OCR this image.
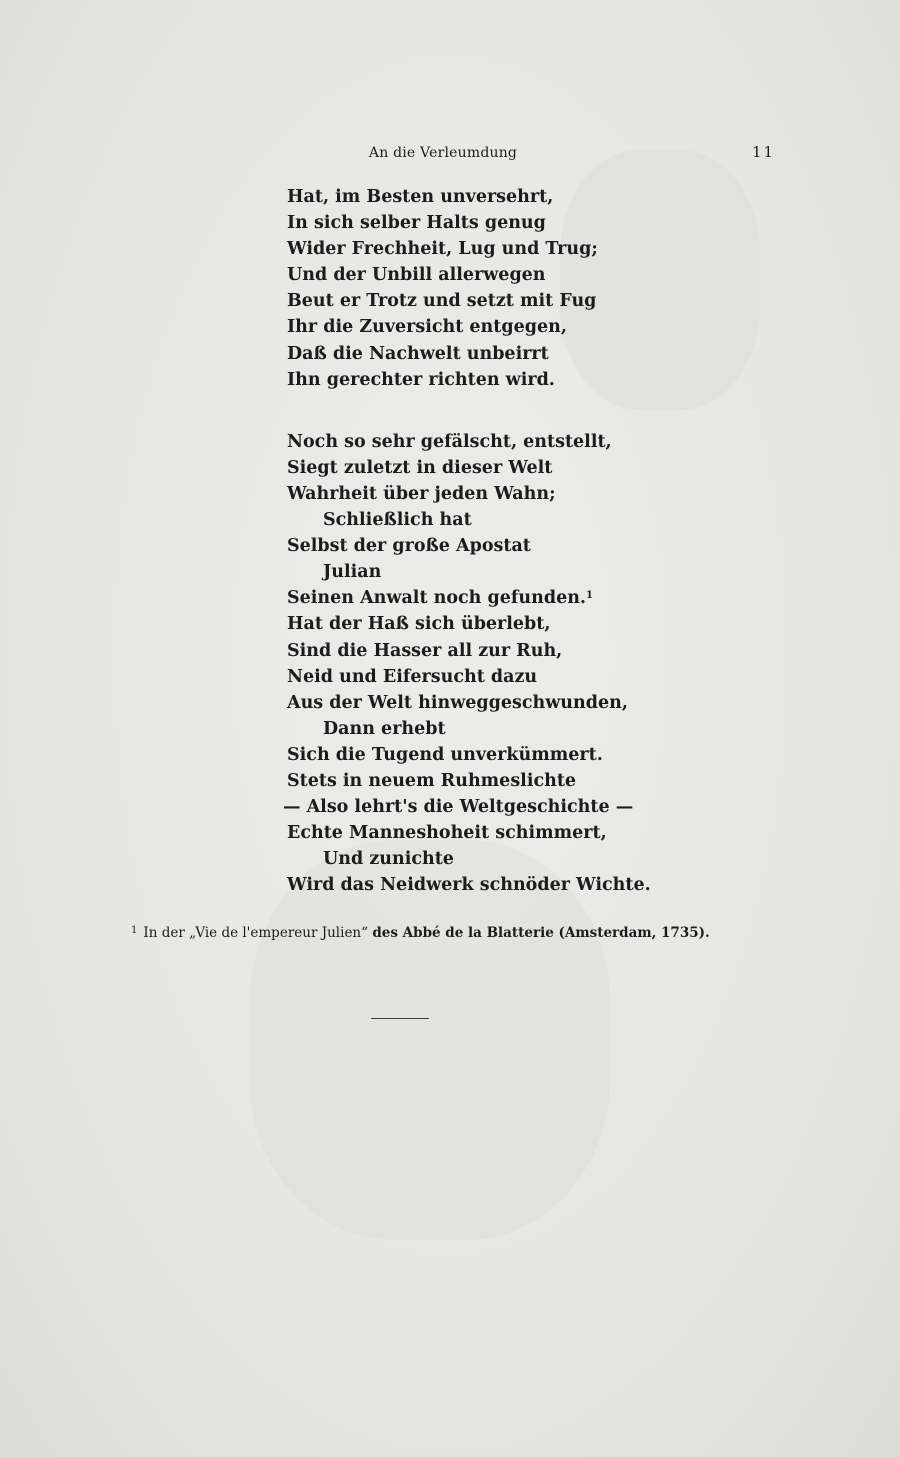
An die Verleumdung	11
Hat, im Besten unversehrt,
In sich selber Halts genug
Wider Frechheit, Lug und Trug;
Und der Unbill allerwegen
Beut er Trotz und setzt mit Fug
Ihr die Zuversicht entgegen,
Daß die Nachwelt unbeirrt
Ihn gerechter richten wird.
Noch so sehr gefälscht, entstellt,
Siegt zuletzt in dieser Welt
Wahrheit über jeden Wahn;
Schließlich hat
Selbst der große Apostat
Julian
Seinen Anwalt noch gefunden.$^1$
Hat der Haß sich überlebt,
Sind die Hasser all zur Ruh,
Neid und Eifersucht dazu
Aus der Welt hinweggeschwunden,
Dann erhebt
Sich die Tugend unverkümmert.
Stets in neuem Ruhmeslichte
— Also lehrt's die Weltgeschichte —
Echte Manneshoheit schimmert,
Und zunichte
Wird das Neidwerk schnöder Wichte.
$^1$ In der „Vie de l'empereur Julien“ des Abbé de la Blatterie (Amsterdam, 1735).
